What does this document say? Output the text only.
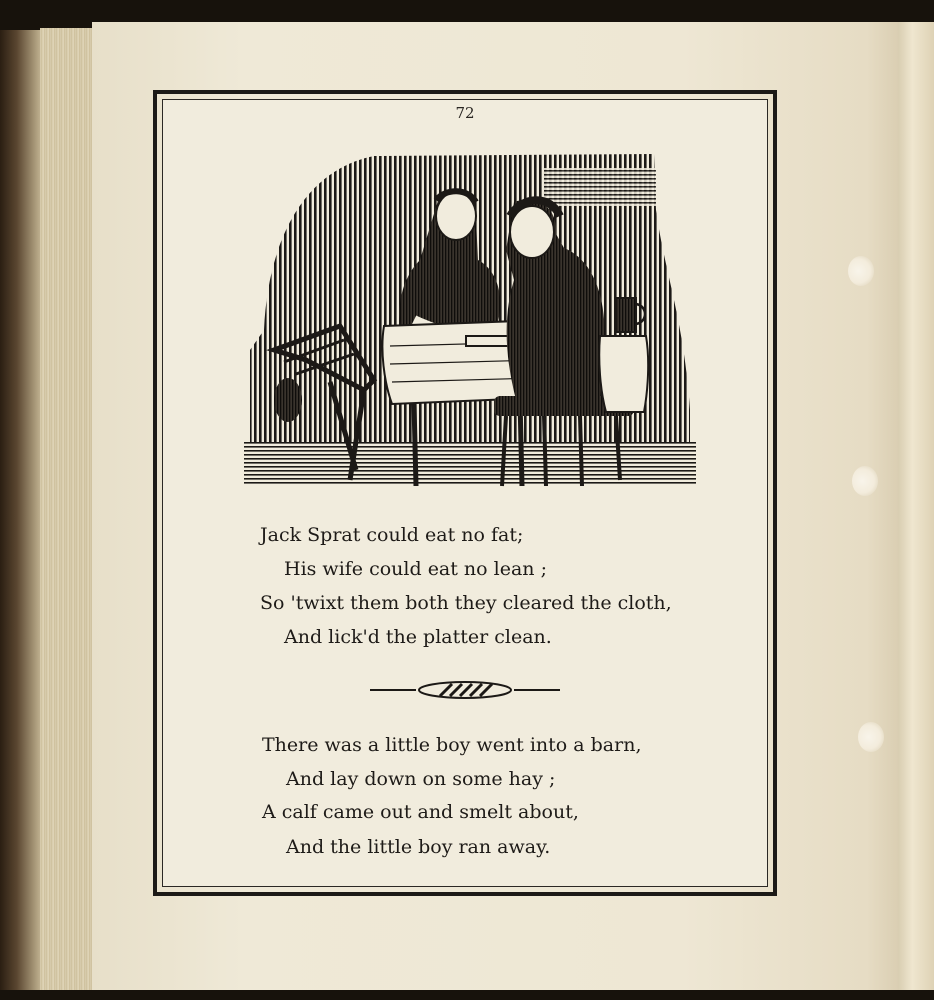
72
Jack Sprat could eat no fat;
His wife could eat no lean ;
So 'twixt them both they cleared the cloth,
And lick'd the platter clean.
There was a little boy went into a barn,
And lay down on some hay ;
A calf came out and smelt about,
And the little boy ran away.
